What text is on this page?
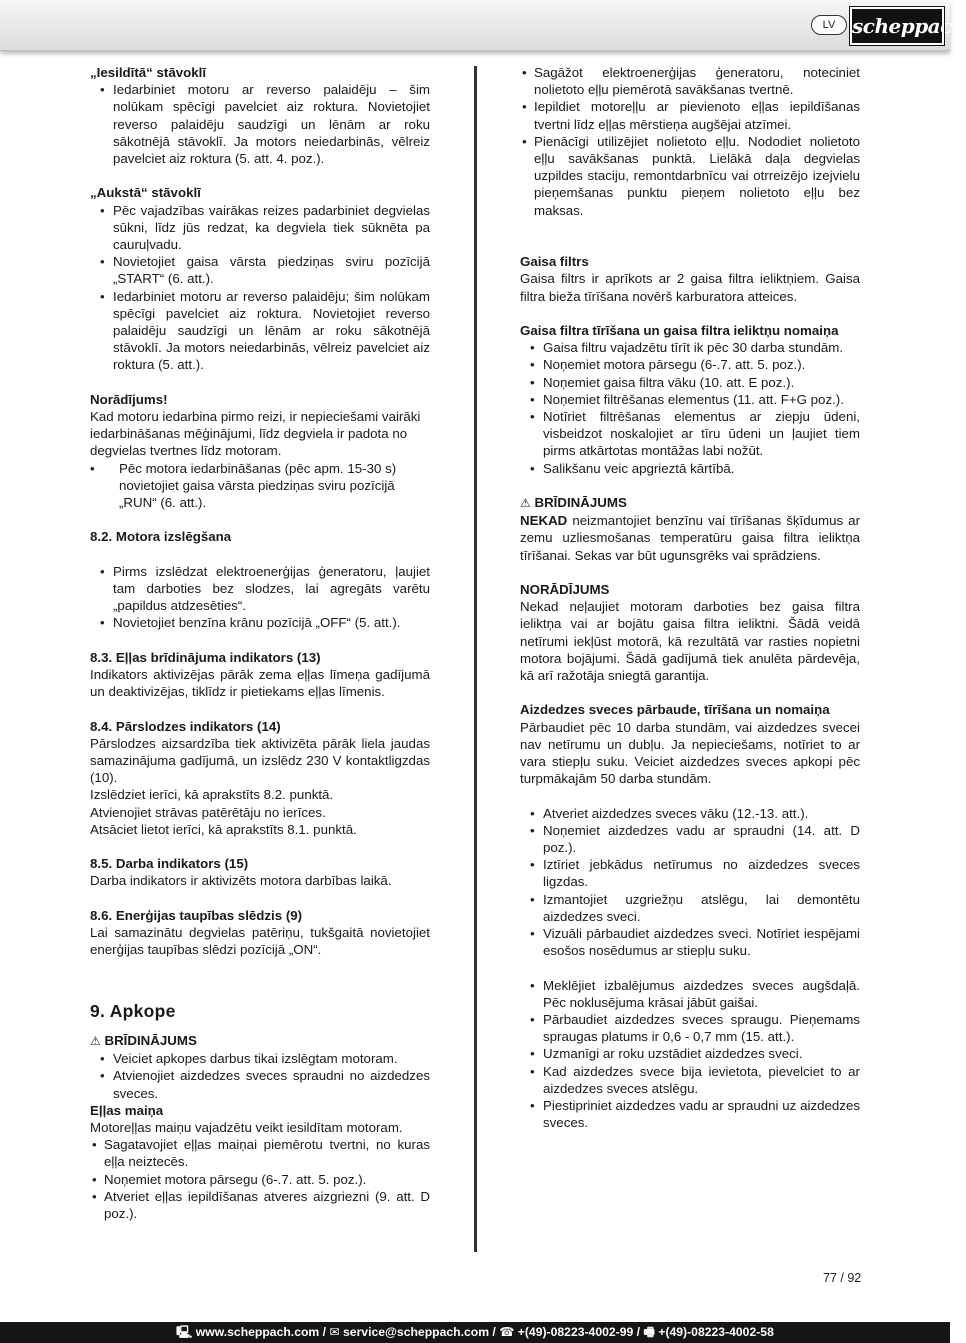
LV scheppach

„Iesildītā“ stāvoklī

• Iedarbiniet motoru ar reverso palaidēju – šim nolūkam spēcīgi pavelciet aiz roktura. Novietojiet reverso palaidēju saudzīgi un lēnām ar roku sākotnējā stāvoklī. Ja motors neiedarbinās, vēlreiz pavelciet aiz roktura (5. att. 4. poz.).

„Aukstā“ stāvoklī

• Pēc vajadzības vairākas reizes padarbiniet degvielas sūkni, līdz jūs redzat, ka degviela tiek sūknēta pa cauruļvadu.
• Novietojiet gaisa vārsta piedziņas sviru pozīcijā „START“ (6. att.).
• Iedarbiniet motoru ar reverso palaidēju; šim nolūkam spēcīgi pavelciet aiz roktura. Novietojiet reverso palaidēju saudzīgi un lēnām ar roku sākotnējā stāvoklī. Ja motors neiedarbinās, vēlreiz pavelciet aiz roktura (5. att.).

Norādījums!

Kad motoru iedarbina pirmo reizi, ir nepieciešami vairāki iedarbināšanas mēģinājumi, līdz degviela ir padota no degvielas tvertnes līdz motoram.

• Pēc motora iedarbināšanas (pēc apm. 15-30 s) novietojiet gaisa vārsta piedziņas sviru pozīcijā „RUN“ (6. att.).

8.2. Motora izslēgšana

• Pirms izslēdzat elektroenerģijas ģeneratoru, ļaujiet tam darboties bez slodzes, lai agregāts varētu „papildus atdzesēties“.
• Novietojiet benzīna krānu pozīcijā „OFF“ (5. att.).

8.3. Eļļas brīdinājuma indikators (13)

Indikators aktivizējas pārāk zema eļļas līmeņa gadījumā un deaktivizējas, tiklīdz ir pietiekams eļļas līmenis.

8.4. Pārslodzes indikators (14)

Pārslodzes aizsardzība tiek aktivizēta pārāk liela jaudas samazinājuma gadījumā, un izslēdz 230 V kontaktligzdas (10).

Izslēdziet ierīci, kā aprakstīts 8.2. punktā.

Atvienojiet strāvas patērētāju no ierīces.

Atsāciet lietot ierīci, kā aprakstīts 8.1. punktā.

8.5. Darba indikators (15)

Darba indikators ir aktivizēts motora darbības laikā.

8.6. Enerģijas taupības slēdzis (9)

Lai samazinātu degvielas patēriņu, tukšgaitā novietojiet enerģijas taupības slēdzi pozīcijā „ON“.

9. Apkope

⚠ BRĪDINĀJUMS

• Veiciet apkopes darbus tikai izslēgtam motoram.
• Atvienojiet aizdedzes sveces spraudni no aizdedzes sveces.

Eļļas maiņa

Motoreļļas maiņu vajadzētu veikt iesildītam motoram.

• Sagatavojiet eļļas maiņai piemērotu tvertni, no kuras eļļa neiztecēs.
• Noņemiet motora pārsegu (6-.7. att. 5. poz.).
• Atveriet eļļas iepildīšanas atveres aizgriezni (9. att. D poz.).
• Sagāžot elektroenerģijas ģeneratoru, noteciniet nolietoto eļļu piemērotā savākšanas tvertnē.
• Iepildiet motoreļļu ar pievienoto eļļas iepildīšanas tvertni līdz eļļas mērstieņa augšējai atzīmei.
• Pienācīgi utilizējiet nolietoto eļļu. Nododiet nolietoto eļļu savākšanas punktā. Lielākā daļa degvielas uzpildes staciju, remontdarbnīcu vai otrreizējo izejvielu pieņemšanas punktu pieņem nolietoto eļļu bez maksas.

Gaisa filtrs

Gaisa filtrs ir aprīkots ar 2 gaisa filtra ieliktņiem. Gaisa filtra bieža tīrīšana novērš karburatora atteices.

Gaisa filtra tīrīšana un gaisa filtra ieliktņu nomaiņa

• Gaisa filtru vajadzētu tīrīt ik pēc 30 darba stundām.
• Noņemiet motora pārsegu (6-.7. att. 5. poz.).
• Noņemiet gaisa filtra vāku (10. att. E poz.).
• Noņemiet filtrēšanas elementus (11. att. F+G poz.).
• Notīriet filtrēšanas elementus ar ziepju ūdeni, visbeidzot noskalojiet ar tīru ūdeni un ļaujiet tiem pirms atkārtotas montāžas labi nožūt.
• Salikšanu veic apgrieztā kārtībā.

⚠ BRĪDINĀJUMS

NEKAD neizmantojiet benzīnu vai tīrīšanas šķīdumus ar zemu uzliesmošanas temperatūru gaisa filtra ieliktņa tīrīšanai. Sekas var būt ugunsgrēks vai sprādziens.

NORĀDĪJUMS

Nekad neļaujiet motoram darboties bez gaisa filtra ieliktņa vai ar bojātu gaisa filtra ieliktni. Šādā veidā netīrumi iekļūst motorā, kā rezultātā var rasties nopietni motora bojājumi. Šādā gadījumā tiek anulēta pārdevēja, kā arī ražotāja sniegtā garantija.

Aizdedzes sveces pārbaude, tīrīšana un nomaiņa

Pārbaudiet pēc 10 darba stundām, vai aizdedzes svecei nav netīrumu un dubļu. Ja nepieciešams, notīriet to ar vara stiepļu suku. Veiciet aizdedzes sveces apkopi pēc turpmākajām 50 darba stundām.

• Atveriet aizdedzes sveces vāku (12.-13. att.).
• Noņemiet aizdedzes vadu ar spraudni (14. att. D poz.).
• Iztīriet jebkādus netīrumus no aizdedzes sveces ligzdas.
• Izmantojiet uzgriežņu atslēgu, lai demontētu aizdedzes sveci.
• Vizuāli pārbaudiet aizdedzes sveci. Notīriet iespējami esošos nosēdumus ar stiepļu suku.
• Meklējiet izbalējumus aizdedzes sveces augšdaļā. Pēc noklusējuma krāsai jābūt gaišai.
• Pārbaudiet aizdedzes sveces spraugu. Pieņemams spraugas platums ir 0,6 - 0,7 mm (15. att.).
• Uzmanīgi ar roku uzstādiet aizdedzes sveci.
• Kad aizdedzes svece bija ievietota, pievelciet to ar aizdedzes sveces atslēgu.
• Piestipriniet aizdedzes vadu ar spraudni uz aizdedzes sveces.
77 / 92
🖳 www.scheppach.com / ✉ service@scheppach.com / ☎ +(49)-08223-4002-99 / 🖷 +(49)-08223-4002-58
